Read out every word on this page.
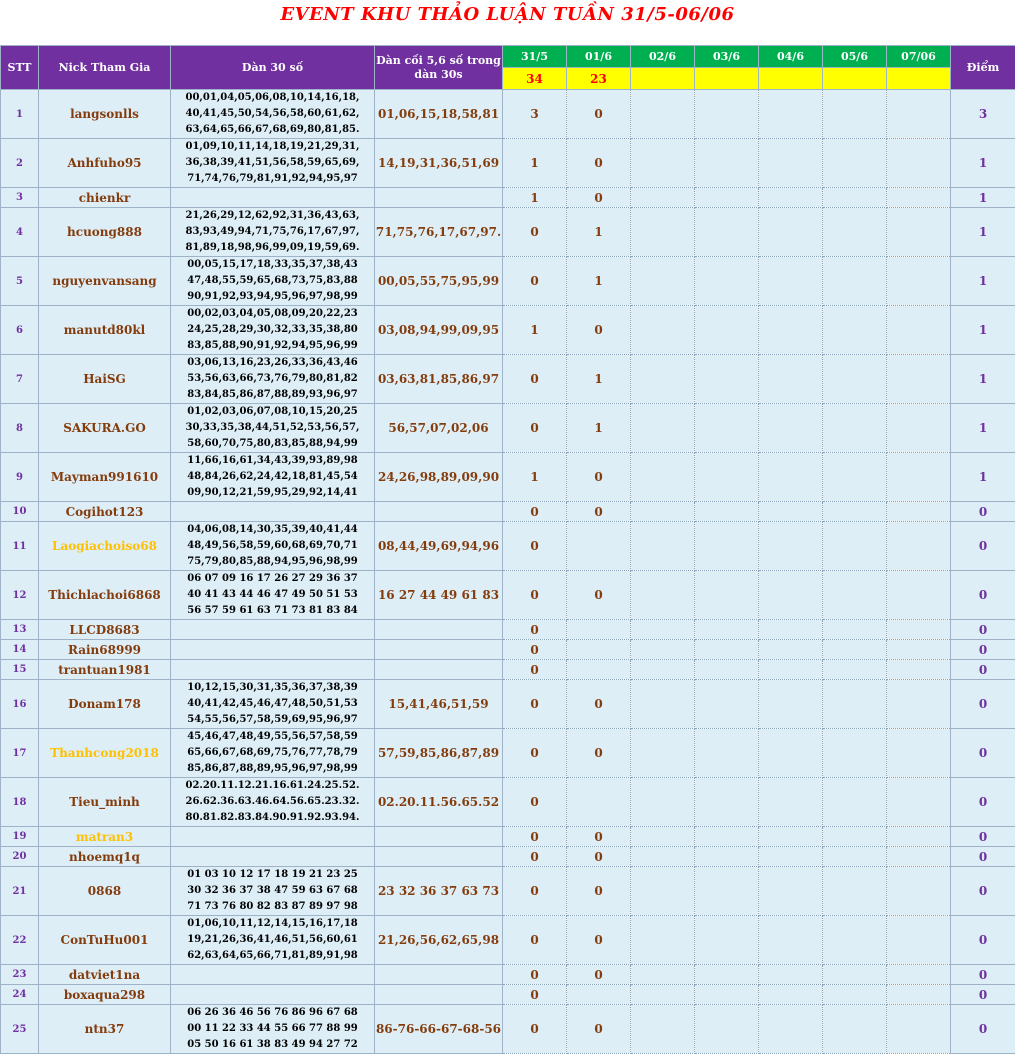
EVENT KHU THẢO LUẬN TUẦN 31/5-06/06
STT	Nick Tham Gia	Dàn 30 số	Dàn cối 5,6 số trong dàn 30s	31/5	01/6	02/6	03/6	04/6	05/6	07/06	Điểm
				34	23						
1	langsonlls	00,01,04,05,06,08,10,14,16,18,
40,41,45,50,54,56,58,60,61,62,
63,64,65,66,67,68,69,80,81,85.	01,06,15,18,58,81	3	0						3
2	Anhfuho95	01,09,10,11,14,18,19,21,29,31,
36,38,39,41,51,56,58,59,65,69,
71,74,76,79,81,91,92,94,95,97	14,19,31,36,51,69	1	0						1
3	chienkr			1	0						1
4	hcuong888	21,26,29,12,62,92,31,36,43,63,
83,93,49,94,71,75,76,17,67,97,
81,89,18,98,96,99,09,19,59,69.	71,75,76,17,67,97.	0	1						1
5	nguyenvansang	00,05,15,17,18,33,35,37,38,43
47,48,55,59,65,68,73,75,83,88
90,91,92,93,94,95,96,97,98,99	00,05,55,75,95,99	0	1						1
6	manutd80kl	00,02,03,04,05,08,09,20,22,23
24,25,28,29,30,32,33,35,38,80
83,85,88,90,91,92,94,95,96,99	03,08,94,99,09,95	1	0						1
7	HaiSG	03,06,13,16,23,26,33,36,43,46
53,56,63,66,73,76,79,80,81,82
83,84,85,86,87,88,89,93,96,97	03,63,81,85,86,97	0	1						1
8	SAKURA.GO	01,02,03,06,07,08,10,15,20,25
30,33,35,38,44,51,52,53,56,57,
58,60,70,75,80,83,85,88,94,99	56,57,07,02,06	0	1						1
9	Mayman991610	11,66,16,61,34,43,39,93,89,98
48,84,26,62,24,42,18,81,45,54
09,90,12,21,59,95,29,92,14,41	24,26,98,89,09,90	1	0						1
10	Cogihot123			0	0						0
11	Laogiachoiso68	04,06,08,14,30,35,39,40,41,44
48,49,56,58,59,60,68,69,70,71
75,79,80,85,88,94,95,96,98,99	08,44,49,69,94,96	0							0
12	Thichlachoi6868	06 07 09 16 17 26 27 29 36 37
40 41 43 44 46 47 49 50 51 53
56 57 59 61 63 71 73 81 83 84	16 27 44 49 61 83	0	0						0
13	LLCD8683			0							0
14	Rain68999			0							0
15	trantuan1981			0							0
16	Donam178	10,12,15,30,31,35,36,37,38,39
40,41,42,45,46,47,48,50,51,53
54,55,56,57,58,59,69,95,96,97	15,41,46,51,59	0	0						0
17	Thanhcong2018	45,46,47,48,49,55,56,57,58,59
65,66,67,68,69,75,76,77,78,79
85,86,87,88,89,95,96,97,98,99	57,59,85,86,87,89	0	0						0
18	Tieu_minh	02.20.11.12.21.16.61.24.25.52.
26.62.36.63.46.64.56.65.23.32.
80.81.82.83.84.90.91.92.93.94.	02.20.11.56.65.52	0							0
19	matran3			0	0						0
20	nhoemq1q			0	0						0
21	0868	01 03 10 12 17 18 19 21 23 25
30 32 36 37 38 47 59 63 67 68
71 73 76 80 82 83 87 89 97 98	23 32 36 37 63 73	0	0						0
22	ConTuHu001	01,06,10,11,12,14,15,16,17,18
19,21,26,36,41,46,51,56,60,61
62,63,64,65,66,71,81,89,91,98	21,26,56,62,65,98	0	0						0
23	datviet1na			0	0						0
24	boxaqua298			0							0
25	ntn37	06 26 36 46 56 76 86 96 67 68
00 11 22 33 44 55 66 77 88 99
05 50 16 61 38 83 49 94 27 72	86-76-66-67-68-56	0	0						0
